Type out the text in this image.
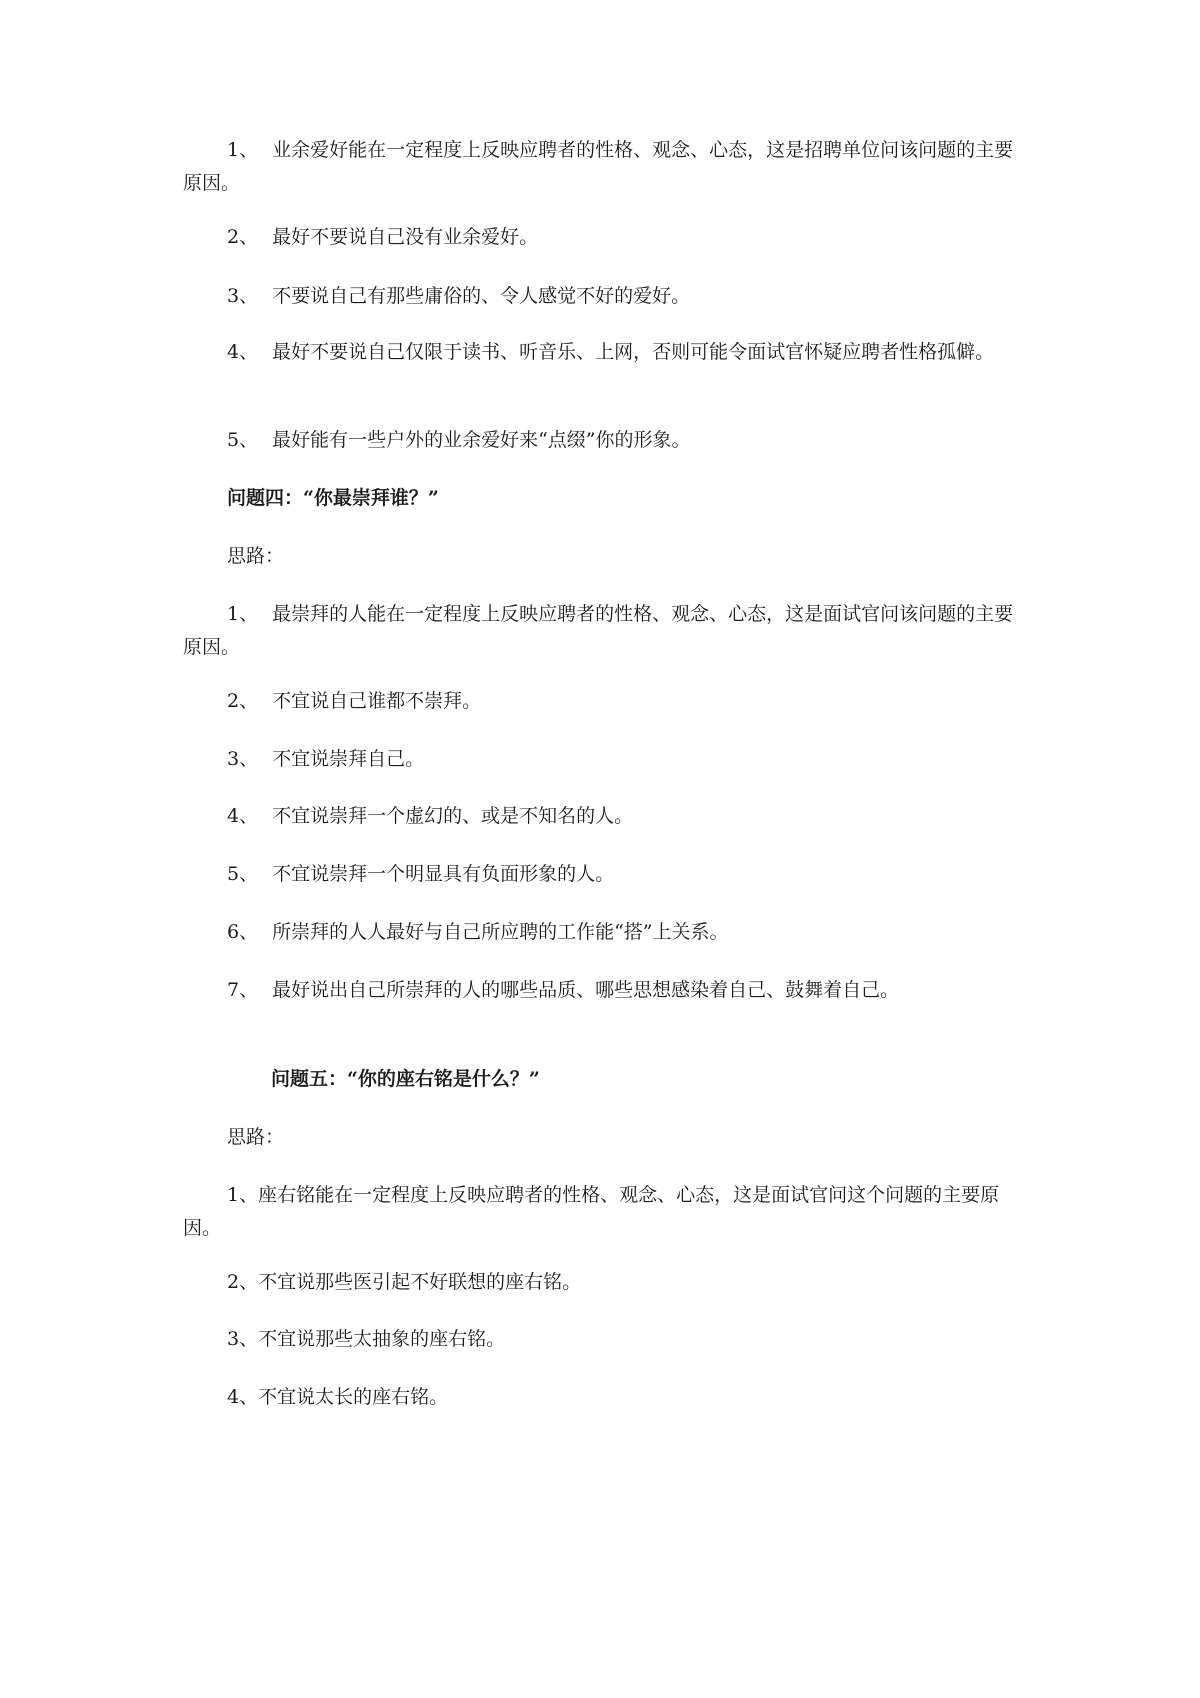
1、 业余爱好能在一定程度上反映应聘者的性格、观念、心态，这是招聘单位问该问题的主要原因。

2、 最好不要说自己没有业余爱好。

3、 不要说自己有那些庸俗的、令人感觉不好的爱好。

4、 最好不要说自己仅限于读书、听音乐、上网，否则可能令面试官怀疑应聘者性格孤僻。

5、 最好能有一些户外的业余爱好来“点缀”你的形象。

问题四：“你最崇拜谁？”

思路：

1、 最崇拜的人能在一定程度上反映应聘者的性格、观念、心态，这是面试官问该问题的主要原因。

2、 不宜说自己谁都不崇拜。

3、 不宜说崇拜自己。

4、 不宜说崇拜一个虚幻的、或是不知名的人。

5、 不宜说崇拜一个明显具有负面形象的人。

6、 所崇拜的人人最好与自己所应聘的工作能“搭”上关系。

7、 最好说出自己所崇拜的人的哪些品质、哪些思想感染着自己、鼓舞着自己。

问题五：“你的座右铭是什么？”

思路：

1、座右铭能在一定程度上反映应聘者的性格、观念、心态，这是面试官问这个问题的主要原因。

2、不宜说那些医引起不好联想的座右铭。

3、不宜说那些太抽象的座右铭。

4、不宜说太长的座右铭。
